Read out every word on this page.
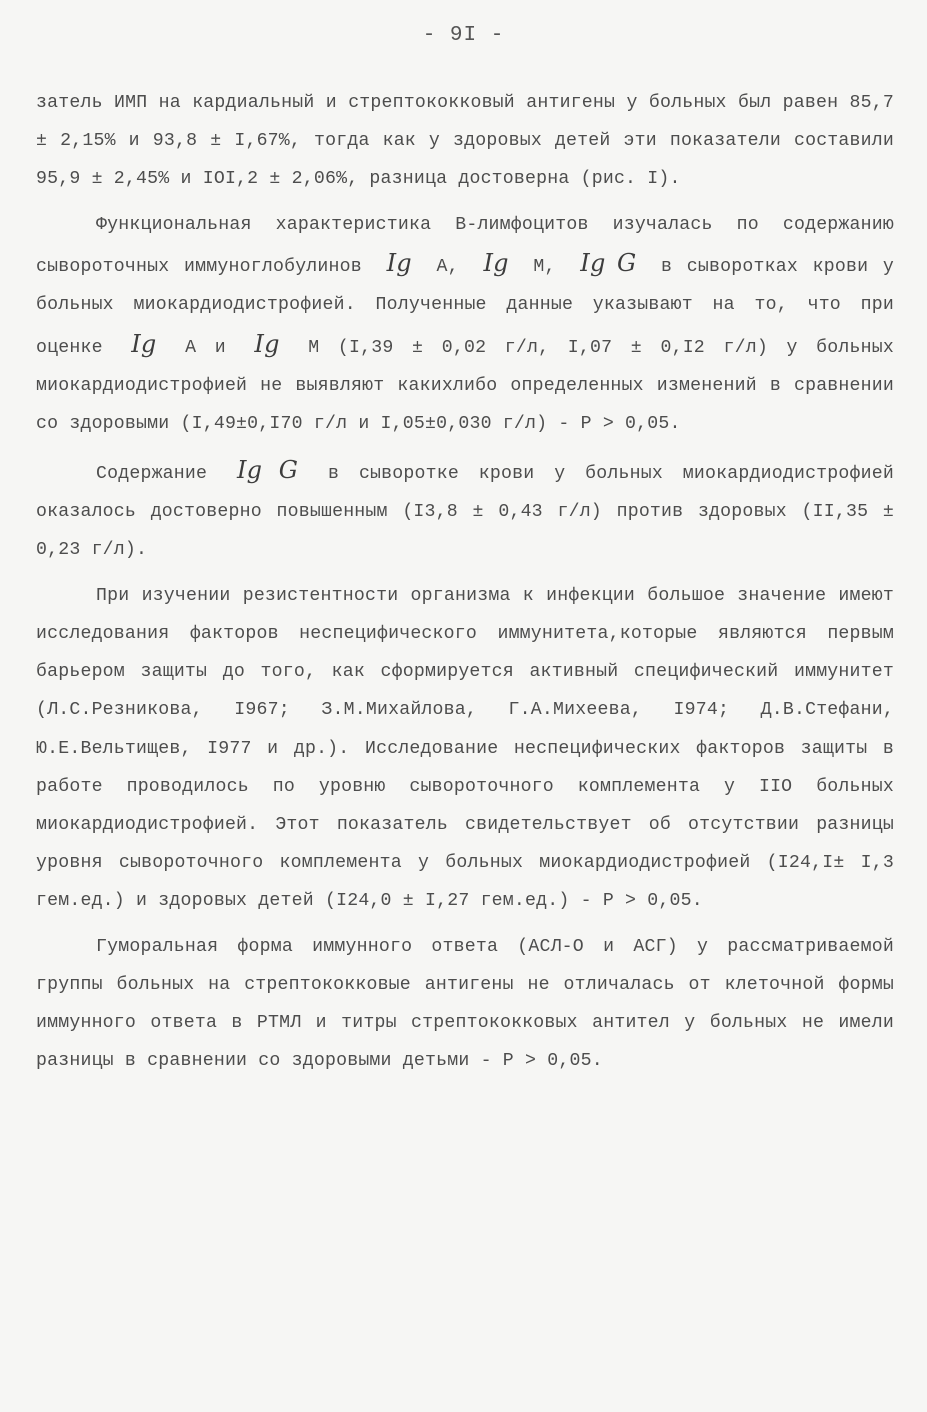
- 9I -

затель ИМП на кардиальный и стрептококковый антигены у больных был равен 85,7 ± 2,15% и 93,8 ± I,67%, тогда как у здоровых детей эти показатели составили 95,9 ± 2,45% и IOI,2 ± 2,06%, разница достоверна (рис. I).

Функциональная характеристика В-лимфоцитов изучалась по содержанию сывороточных иммуноглобулинов Ig A, Ig M, Ig G в сыворотках крови у больных миокардиодистрофией. Полученные данные указывают на то, что при оценке Ig A и Ig M (I,39 ± 0,02 г/л, I,07 ± 0,I2 г/л) у больных миокардиодистрофией не выявляют какихлибо определенных изменений в сравнении со здоровыми (I,49±0,I70 г/л и I,05±0,030 г/л) - P > 0,05.

Содержание Ig G в сыворотке крови у больных миокардиодистрофией оказалось достоверно повышенным (I3,8 ± 0,43 г/л) против здоровых (II,35 ± 0,23 г/л).

При изучении резистентности организма к инфекции большое значение имеют исследования факторов неспецифического иммунитета,которые являются первым барьером защиты до того, как сформируется активный специфический иммунитет (Л.С.Резникова, I967; З.М.Михайлова, Г.А.Михеева, I974; Д.В.Стефани, Ю.Е.Вельтищев, I977 и др.). Исследование неспецифических факторов защиты в работе проводилось по уровню сывороточного комплемента у IIO больных миокардиодистрофией. Этот показатель свидетельствует об отсутствии разницы уровня сывороточного комплемента у больных миокардиодистрофией (I24,I± I,3 гем.ед.) и здоровых детей (I24,0 ± I,27 гем.ед.) - P > 0,05.

Гуморальная форма иммунного ответа (АСЛ-О и АСГ) у рассматриваемой группы больных на стрептококковые антигены не отличалась от клеточной формы иммунного ответа в РТМЛ и титры стрептококковых антител у больных не имели разницы в сравнении со здоровыми детьми - P > 0,05.
